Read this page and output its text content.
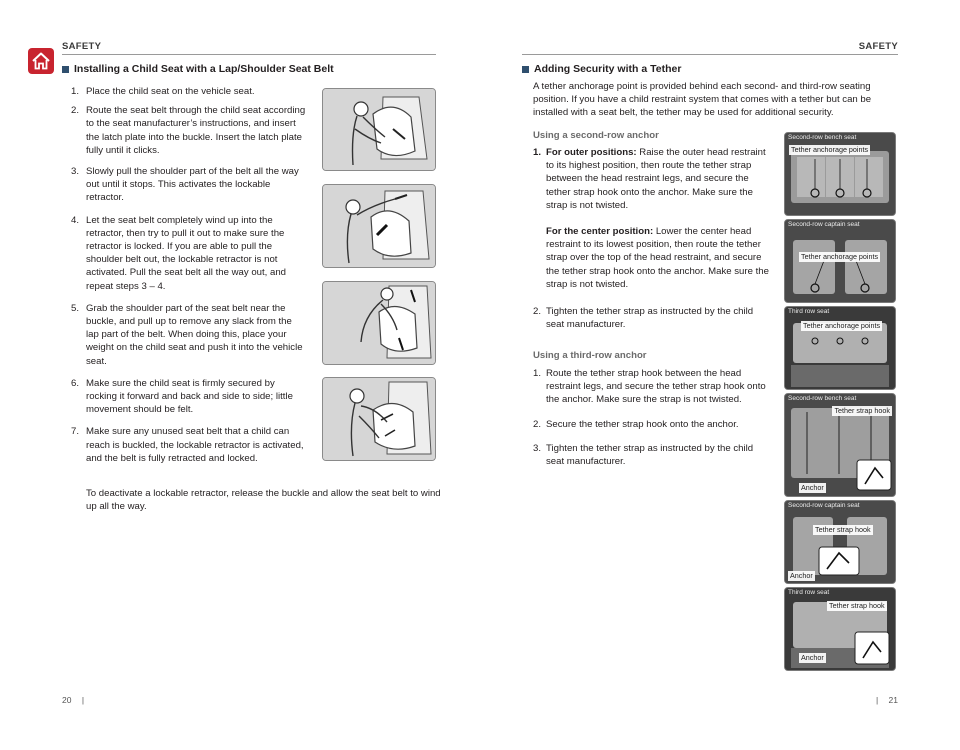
SAFETY	SAFETY
Installing a Child Seat with a Lap/Shoulder Seat Belt
1. Place the child seat on the vehicle seat.
2. Route the seat belt through the child seat according to the seat manufacturer’s instructions, and insert the latch plate into the buckle. Insert the latch plate fully until it clicks.
3. Slowly pull the shoulder part of the belt all the way out until it stops. This activates the lockable retractor.
4. Let the seat belt completely wind up into the retractor, then try to pull it out to make sure the retractor is locked. If you are able to pull the shoulder belt out, the lockable retractor is not activated. Pull the seat belt all the way out, and repeat steps 3 – 4.
5. Grab the shoulder part of the seat belt near the buckle, and pull up to remove any slack from the lap part of the belt. When doing this, place your weight on the child seat and push it into the vehicle seat.
6. Make sure the child seat is firmly secured by rocking it forward and back and side to side; little movement should be felt.
7. Make sure any unused seat belt that a child can reach is buckled, the lockable retractor is activated, and the belt is fully retracted and locked.
To deactivate a lockable retractor, release the buckle and allow the seat belt to wind up all the way.
Adding Security with a Tether
A tether anchorage point is provided behind each second- and third-row seating position. If you have a child restraint system that comes with a tether but can be installed with a seat belt, the tether may be used for additional security.
Using a second-row anchor
1. For outer positions: Raise the outer head restraint to its highest position, then route the tether strap between the head restraint legs, and secure the tether strap hook onto the anchor. Make sure the strap is not twisted.
For the center position: Lower the center head restraint to its lowest position, then route the tether strap over the top of the head restraint, and secure the tether strap hook onto the anchor. Make sure the strap is not twisted.
2. Tighten the tether strap as instructed by the child seat manufacturer.
Using a third-row anchor
1. Route the tether strap hook between the head restraint legs, and secure the tether strap hook onto the anchor. Make sure the strap is not twisted.
2. Secure the tether strap hook onto the anchor.
3. Tighten the tether strap as instructed by the child seat manufacturer.
Second-row bench seat
Tether anchorage points
Second-row captain seat
Tether anchorage points
Third row seat
Tether anchorage points
Second-row bench seat
Tether strap hook
Anchor
Second-row captain seat
Tether strap hook
Anchor
Third row seat
Tether strap hook
Anchor
20 |	| 21
